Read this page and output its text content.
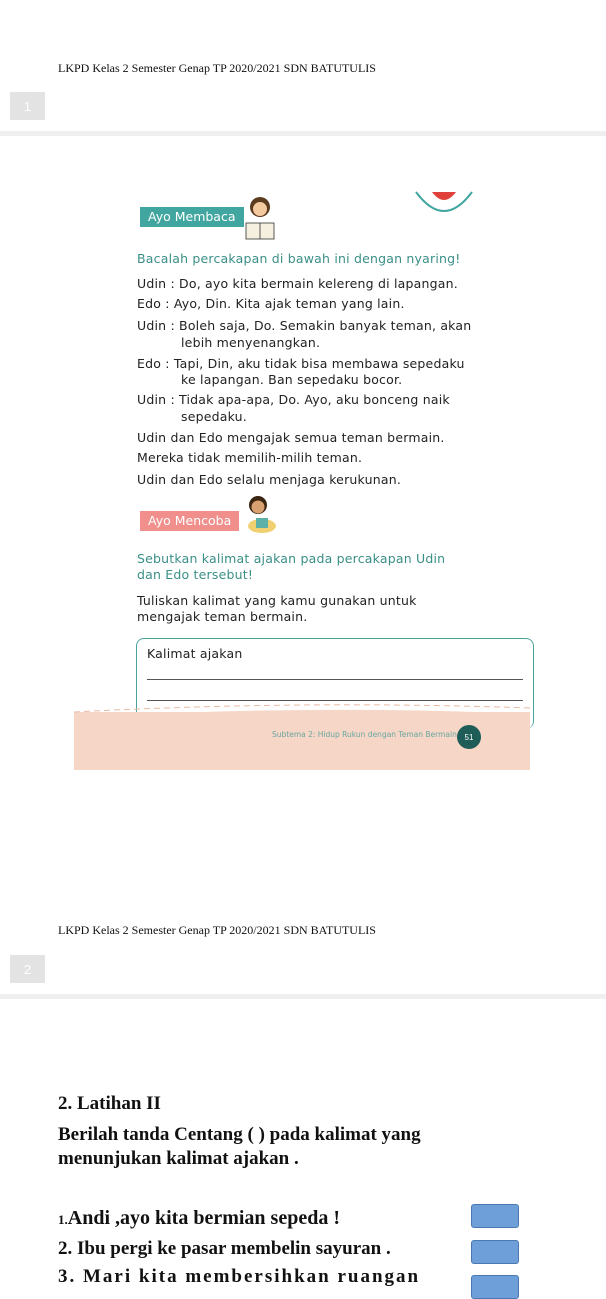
LKPD Kelas 2 Semester Genap TP 2020/2021 SDN BATUTULIS
1
Ayo Membaca
Bacalah percakapan di bawah ini dengan nyaring!
Udin : Do, ayo kita bermain kelereng di lapangan.
Edo : Ayo, Din. Kita ajak teman yang lain.
Udin : Boleh saja, Do. Semakin banyak teman, akan
lebih menyenangkan.
Edo : Tapi, Din, aku tidak bisa membawa sepedaku
ke lapangan. Ban sepedaku bocor.
Udin : Tidak apa-apa, Do. Ayo, aku bonceng naik
sepedaku.
Udin dan Edo mengajak semua teman bermain.
Mereka tidak memilih-milih teman.
Udin dan Edo selalu menjaga kerukunan.
Ayo Mencoba
Sebutkan kalimat ajakan pada percakapan Udin
dan Edo tersebut!
Tuliskan kalimat yang kamu gunakan untuk
mengajak teman bermain.
Kalimat ajakan
Subtema 2: Hidup Rukun dengan Teman Bermain 51
LKPD Kelas 2 Semester Genap TP 2020/2021 SDN BATUTULIS
2
2. Latihan II
Berilah tanda Centang ( ) pada kalimat yang
menunjukan kalimat ajakan .
1.Andi ,ayo kita bermian sepeda !
2. Ibu pergi ke pasar membelin sayuran .
3. Mari kita membersihkan ruangan
